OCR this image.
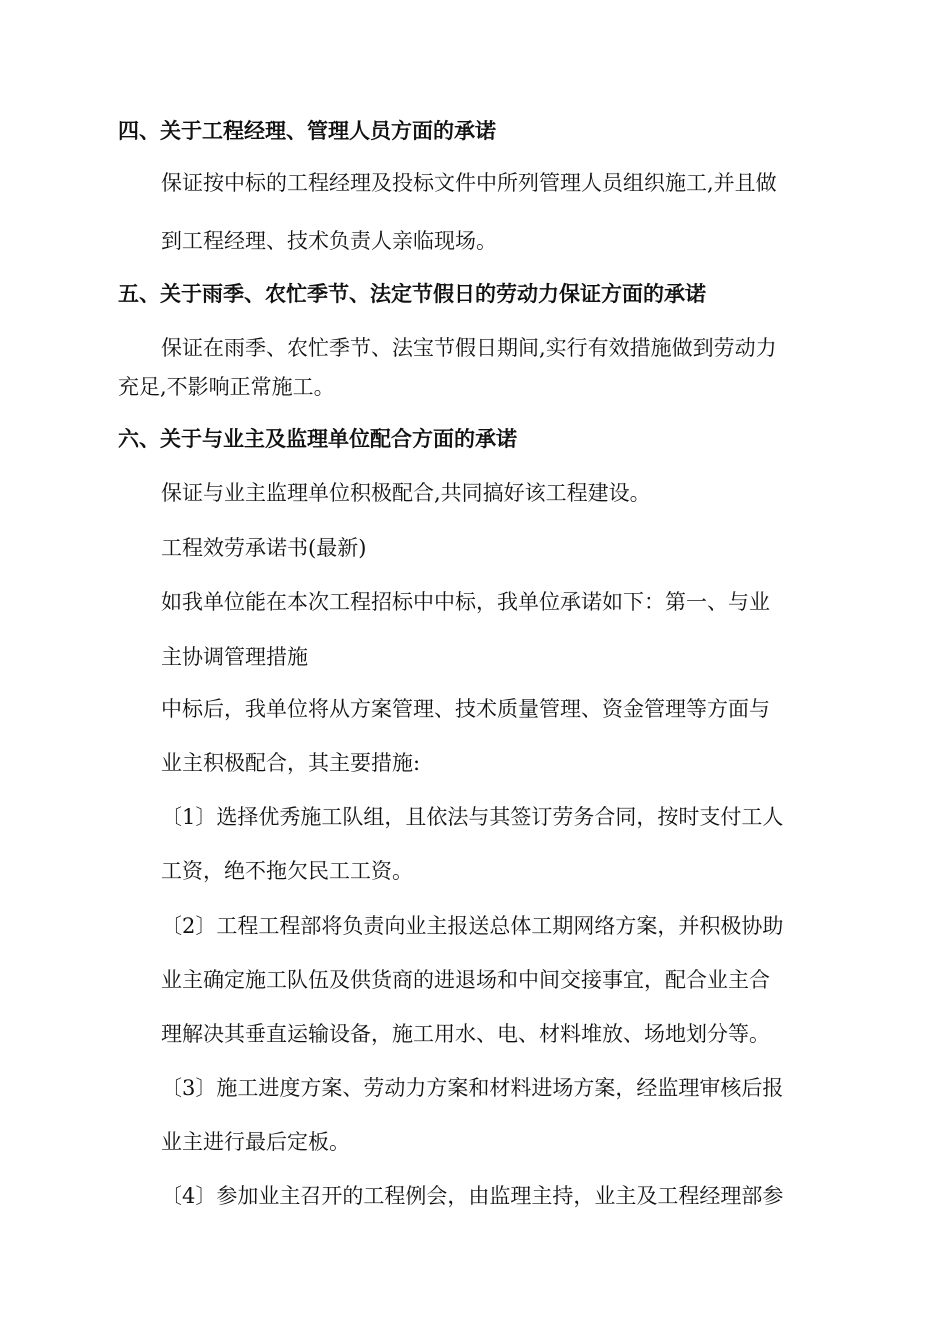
四、关于工程经理、管理人员方面的承诺
保证按中标的工程经理及投标文件中所列管理人员组织施工,并且做
到工程经理、技术负责人亲临现场。
五、关于雨季、农忙季节、法定节假日的劳动力保证方面的承诺
保证在雨季、农忙季节、法宝节假日期间,实行有效措施做到劳动力
充足,不影响正常施工。
六、关于与业主及监理单位配合方面的承诺
保证与业主监理单位积极配合,共同搞好该工程建设。
工程效劳承诺书(最新)
如我单位能在本次工程招标中中标，我单位承诺如下：第一、与业
主协调管理措施
中标后，我单位将从方案管理、技术质量管理、资金管理等方面与
业主积极配合，其主要措施:
〔1〕选择优秀施工队组，且依法与其签订劳务合同，按时支付工人
工资，绝不拖欠民工工资。
〔2〕工程工程部将负责向业主报送总体工期网络方案，并积极协助
业主确定施工队伍及供货商的进退场和中间交接事宜，配合业主合
理解决其垂直运输设备，施工用水、电、材料堆放、场地划分等。
〔3〕施工进度方案、劳动力方案和材料进场方案，经监理审核后报
业主进行最后定板。
〔4〕参加业主召开的工程例会，由监理主持，业主及工程经理部参
